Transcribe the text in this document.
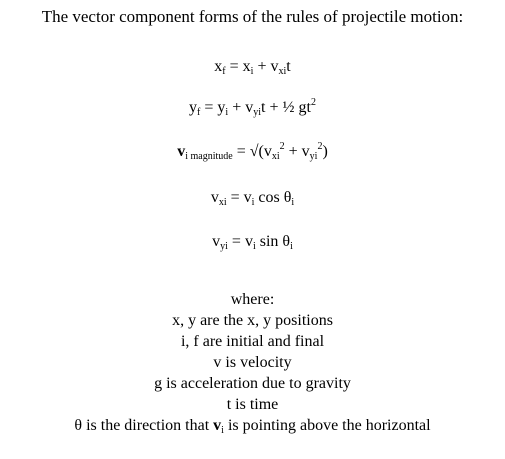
The vector component forms of the rules of projectile motion:
$x_f = x_i + v_{xi}t$
$y_f = y_i + v_{yi}t$ + ½ $gt^2$
$v_{i magnitude} = √(v_{xi}^2 + v_{yi}^2)$
$v_{xi} = v_i$ $\cos \theta_i$
$v_{yi} = v_i$ $\sin \theta_i$
where:
x, y are the x, y positions
i, f are initial and final
v is velocity
g is acceleration due to gravity
t is time
θ is the direction that $v_i$ is pointing above the horizontal
